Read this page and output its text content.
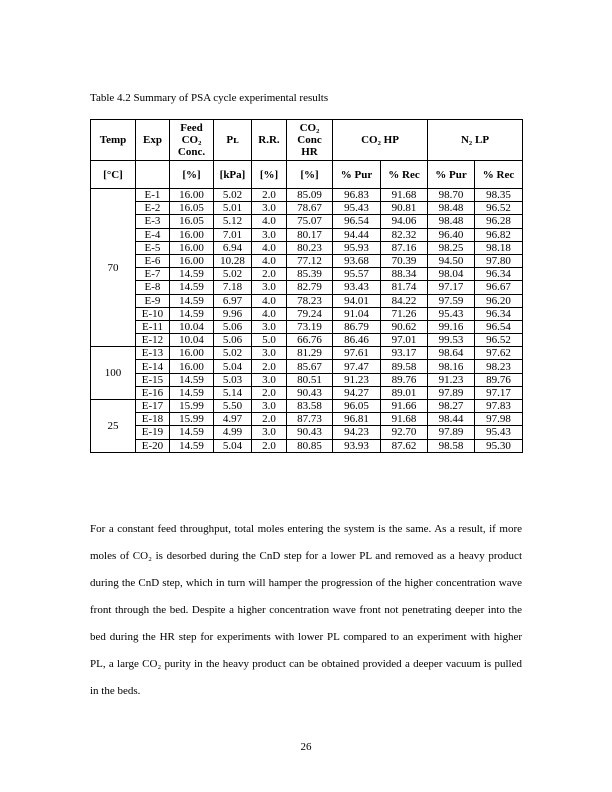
Table 4.2 Summary of PSA cycle experimental results

Temp	Exp	Feed CO₂ Conc.	Pʟ	R.R.	CO₂ Conc HR	CO₂ HP		N₂ LP	
[°C]		[%]	[kPa]	[%]	[%]	% Pur	% Rec	% Pur	% Rec
70	E-1	16.00	5.02	2.0	85.09	96.83	91.68	98.70	98.35
	E-2	16.05	5.01	3.0	78.67	95.43	90.81	98.48	96.52
	E-3	16.05	5.12	4.0	75.07	96.54	94.06	98.48	96.28
	E-4	16.00	7.01	3.0	80.17	94.44	82.32	96.40	96.82
	E-5	16.00	6.94	4.0	80.23	95.93	87.16	98.25	98.18
	E-6	16.00	10.28	4.0	77.12	93.68	70.39	94.50	97.80
	E-7	14.59	5.02	2.0	85.39	95.57	88.34	98.04	96.34
	E-8	14.59	7.18	3.0	82.79	93.43	81.74	97.17	96.67
	E-9	14.59	6.97	4.0	78.23	94.01	84.22	97.59	96.20
	E-10	14.59	9.96	4.0	79.24	91.04	71.26	95.43	96.34
	E-11	10.04	5.06	3.0	73.19	86.79	90.62	99.16	96.54
	E-12	10.04	5.06	5.0	66.76	86.46	97.01	99.53	96.52
100	E-13	16.00	5.02	3.0	81.29	97.61	93.17	98.64	97.62
	E-14	16.00	5.04	2.0	85.67	97.47	89.58	98.16	98.23
	E-15	14.59	5.03	3.0	80.51	91.23	89.76	91.23	89.76
	E-16	14.59	5.14	2.0	90.43	94.27	89.01	97.89	97.17
25	E-17	15.99	5.50	3.0	83.58	96.05	91.66	98.27	97.83
	E-18	15.99	4.97	2.0	87.73	96.81	91.68	98.44	97.98
	E-19	14.59	4.99	3.0	90.43	94.23	92.70	97.89	95.43
	E-20	14.59	5.04	2.0	80.85	93.93	87.62	98.58	95.30

For a constant feed throughput, total moles entering the system is the same. As a result, if more moles of CO₂ is desorbed during the CnD step for a lower PL and removed as a heavy product during the CnD step, which in turn will hamper the progression of the higher concentration wave front through the bed. Despite a higher concentration wave front not penetrating deeper into the bed during the HR step for experiments with lower PL compared to an experiment with higher PL, a large CO₂ purity in the heavy product can be obtained provided a deeper vacuum is pulled in the beds.

26
